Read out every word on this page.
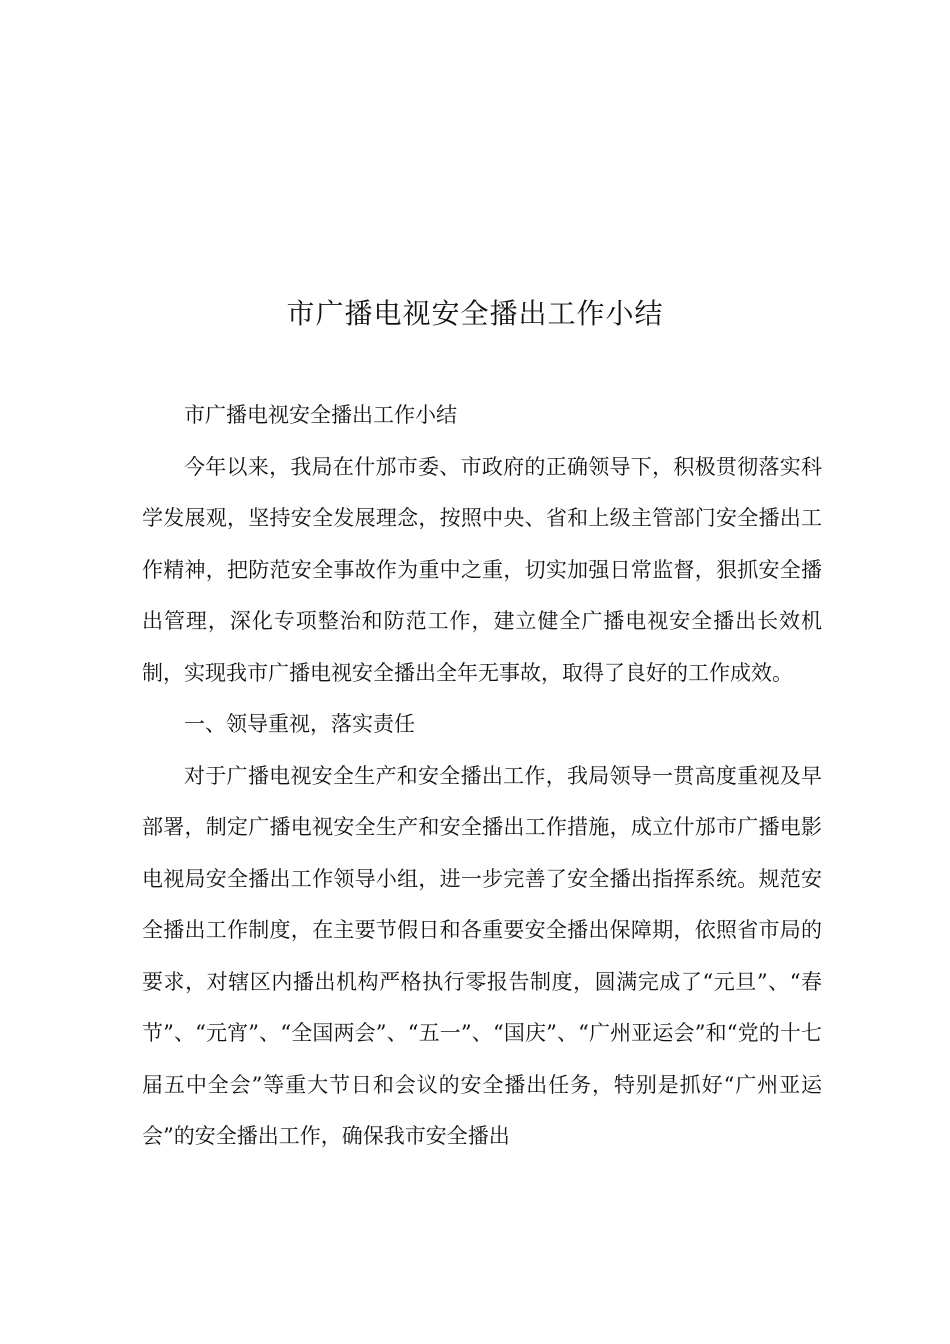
市广播电视安全播出工作小结

市广播电视安全播出工作小结

今年以来，我局在什邡市委、市政府的正确领导下，积极贯彻落实科学发展观，坚持安全发展理念，按照中央、省和上级主管部门安全播出工作精神，把防范安全事故作为重中之重，切实加强日常监督，狠抓安全播出管理，深化专项整治和防范工作，建立健全广播电视安全播出长效机制，实现我市广播电视安全播出全年无事故，取得了良好的工作成效。

一、领导重视，落实责任

对于广播电视安全生产和安全播出工作，我局领导一贯高度重视及早部署，制定广播电视安全生产和安全播出工作措施，成立什邡市广播电影电视局安全播出工作领导小组，进一步完善了安全播出指挥系统。规范安全播出工作制度，在主要节假日和各重要安全播出保障期，依照省市局的要求，对辖区内播出机构严格执行零报告制度，圆满完成了“元旦”、“春节”、“元宵”、“全国两会”、“五一”、“国庆”、“广州亚运会”和“党的十七届五中全会”等重大节日和会议的安全播出任务，特别是抓好“广州亚运会”的安全播出工作，确保我市安全播出
